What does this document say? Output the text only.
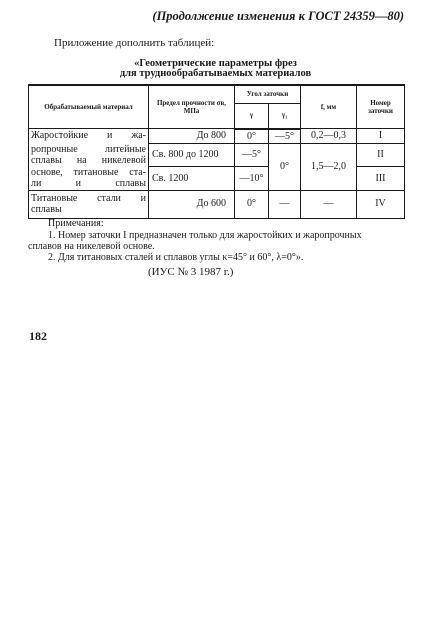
(Продолжение изменения к ГОСТ 24359—80)
Приложение дополнить таблицей:
«Геометрические параметры фрез
для труднообрабатываемых материалов
Обрабатываемый материал	Предел прочности σв, МПа	Угол заточки		f, мм	Номер заточки
		γ	γ₁		
Жаростойкие и жа-	До 800	0°	—5°	0,2—0,3	I

ропрочные литейные
сплавы на никелевой	Св. 800 до 1200	—5°	0°	1,5—2,0	II

основе, титановые ста-
ли и сплавы	Св. 1200	—10°			III

Титановые стали и
сплавы	До 600	0°	—	—	IV
Примечания:
1. Номер заточки I предназначен только для жаростойких и жаропрочных
сплавов на никелевой основе.
2. Для титановых сталей и сплавов углы κ=45° и 60°, λ=0°».
(ИУС № 3 1987 г.)
182
